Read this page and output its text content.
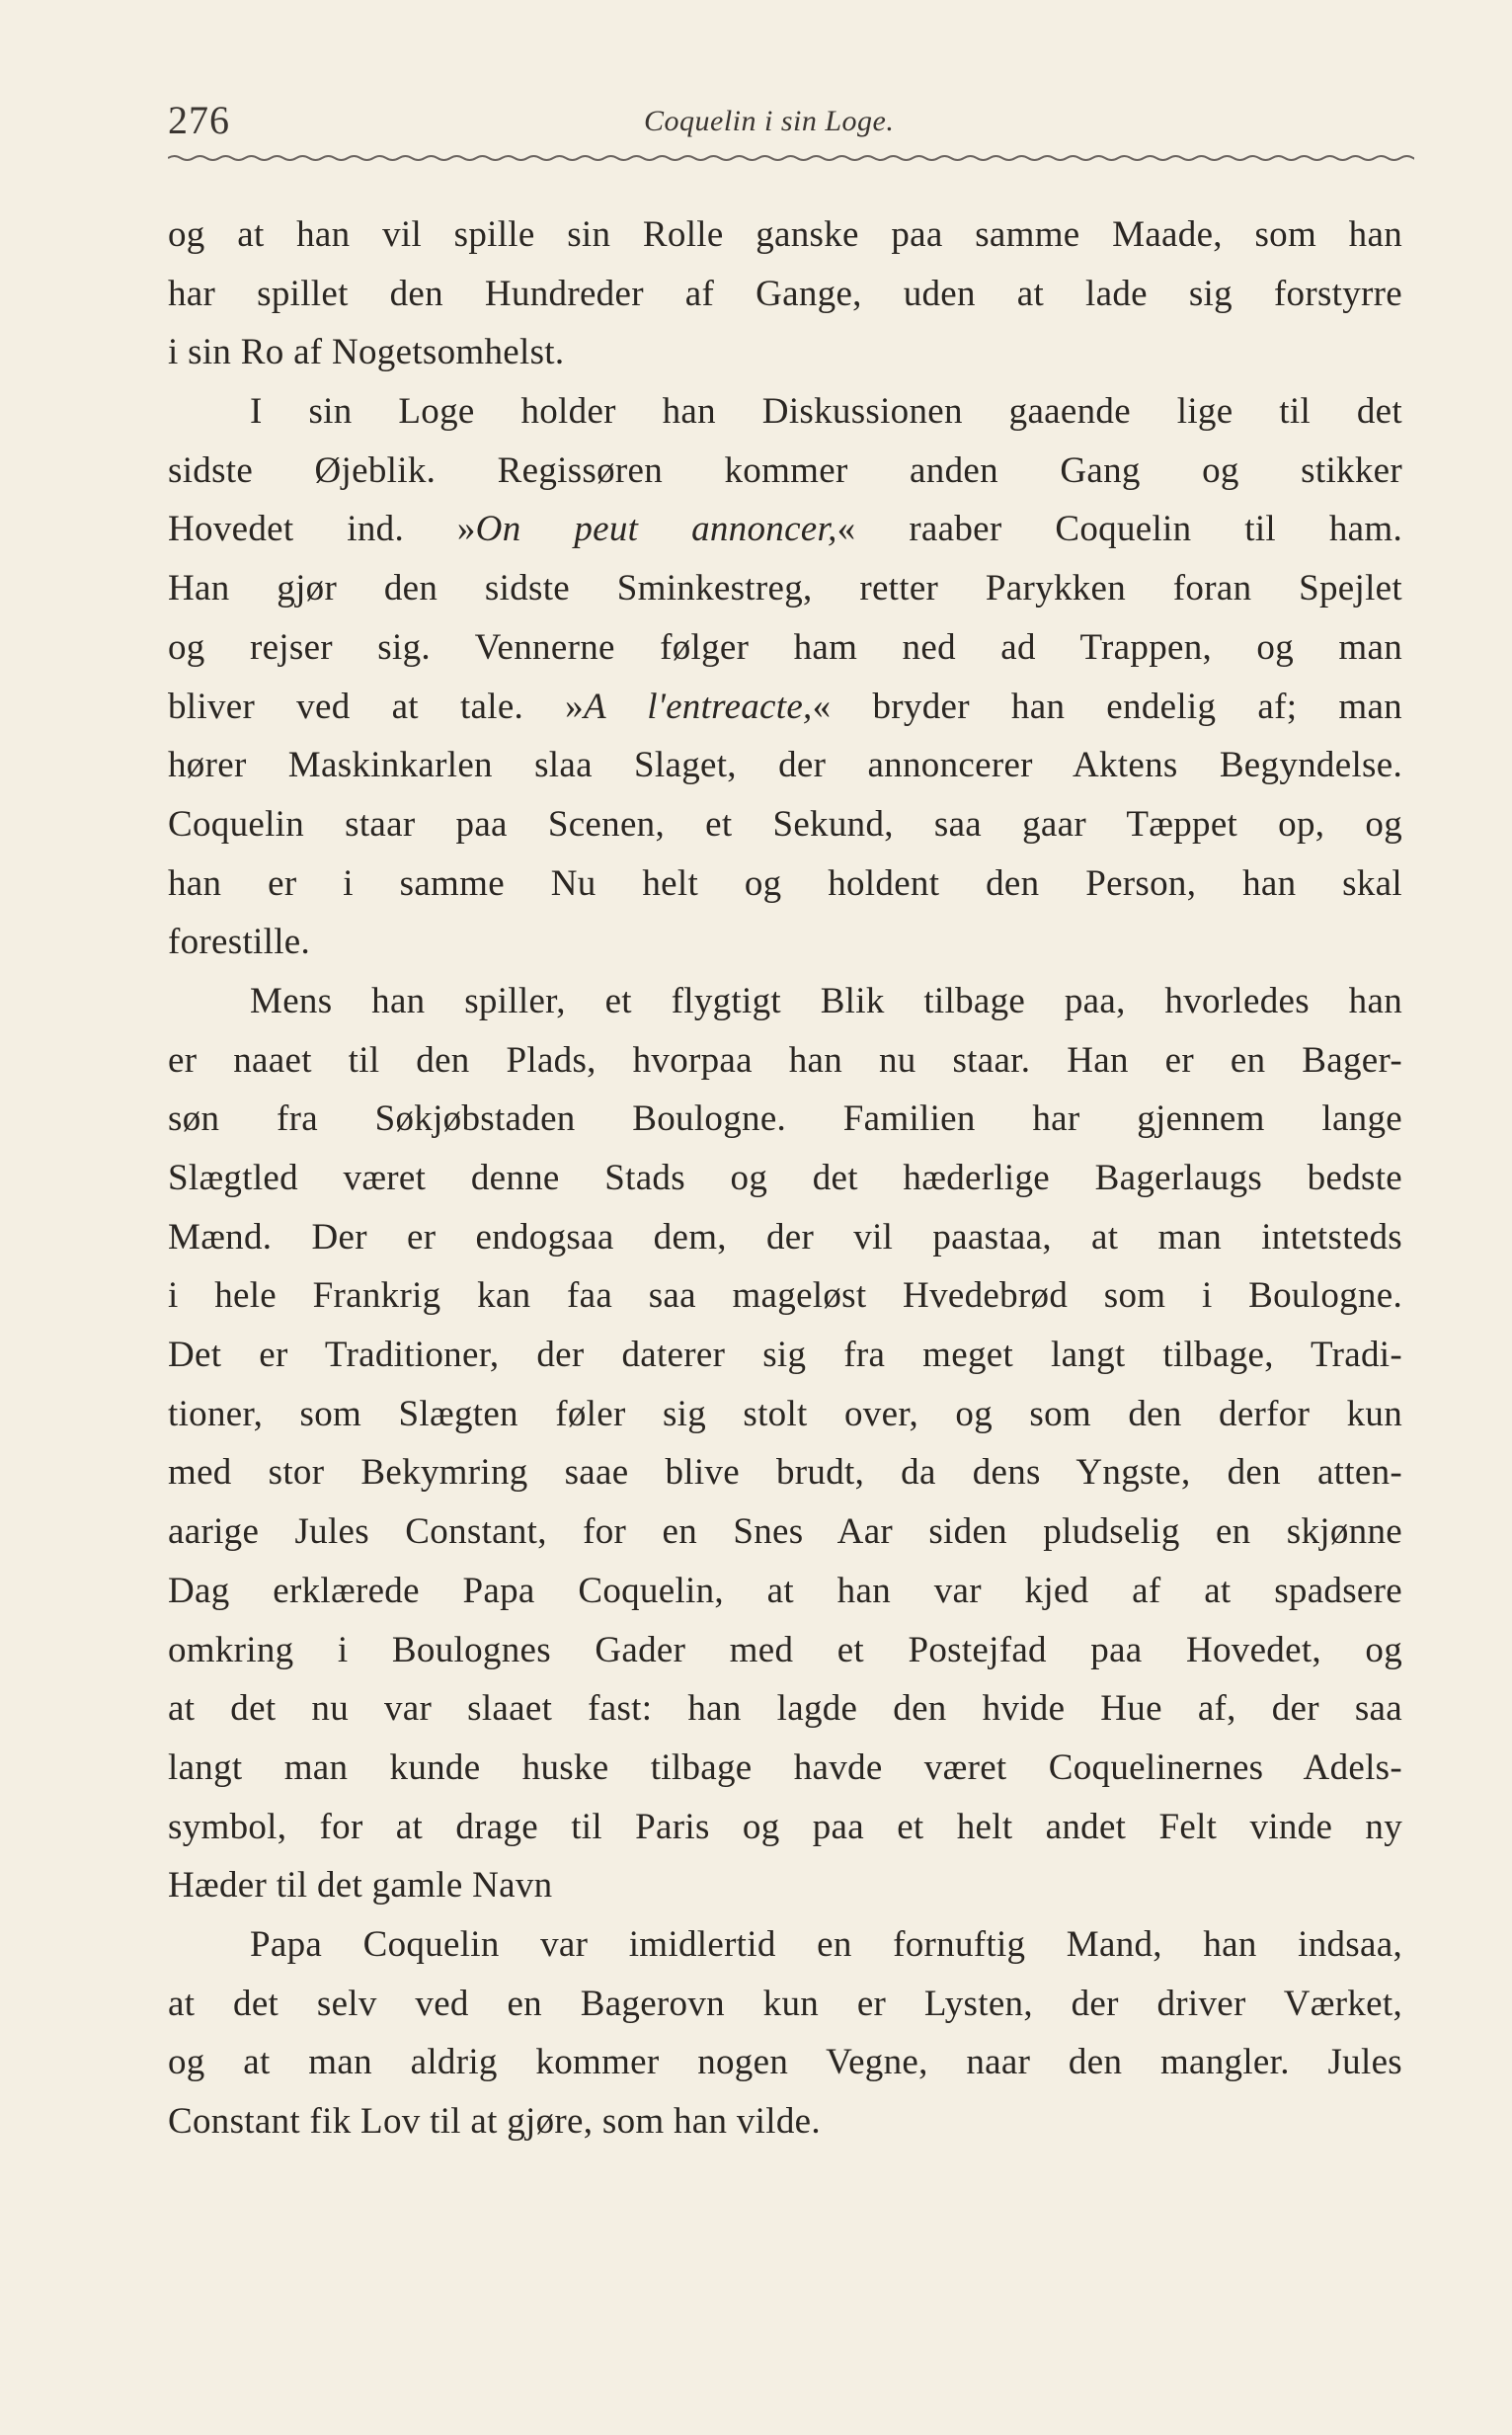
276	Coquelin i sin Loge.
og at han vil spille sin Rolle ganske paa samme Maade, som han
har spillet den Hundreder af Gange, uden at lade sig forstyrre
i sin Ro af Nogetsomhelst.
I sin Loge holder han Diskussionen gaaende lige til det
sidste Øjeblik. Regissøren kommer anden Gang og stikker
Hovedet ind. »On peut annoncer,« raaber Coquelin til ham.
Han gjør den sidste Sminkestreg, retter Parykken foran Spejlet
og rejser sig. Vennerne følger ham ned ad Trappen, og man
bliver ved at tale. »A l'entreacte,« bryder han endelig af; man
hører Maskinkarlen slaa Slaget, der annoncerer Aktens Begyndelse.
Coquelin staar paa Scenen, et Sekund, saa gaar Tæppet op, og
han er i samme Nu helt og holdent den Person, han skal
forestille.
Mens han spiller, et flygtigt Blik tilbage paa, hvorledes han
er naaet til den Plads, hvorpaa han nu staar. Han er en Bager-
søn fra Søkjøbstaden Boulogne. Familien har gjennem lange
Slægtled været denne Stads og det hæderlige Bagerlaugs bedste
Mænd. Der er endogsaa dem, der vil paastaa, at man intetsteds
i hele Frankrig kan faa saa mageløst Hvedebrød som i Boulogne.
Det er Traditioner, der daterer sig fra meget langt tilbage, Tradi-
tioner, som Slægten føler sig stolt over, og som den derfor kun
med stor Bekymring saae blive brudt, da dens Yngste, den atten-
aarige Jules Constant, for en Snes Aar siden pludselig en skjønne
Dag erklærede Papa Coquelin, at han var kjed af at spadsere
omkring i Boulognes Gader med et Postejfad paa Hovedet, og
at det nu var slaaet fast: han lagde den hvide Hue af, der saa
langt man kunde huske tilbage havde været Coquelinernes Adels-
symbol, for at drage til Paris og paa et helt andet Felt vinde ny
Hæder til det gamle Navn
Papa Coquelin var imidlertid en fornuftig Mand, han indsaa,
at det selv ved en Bagerovn kun er Lysten, der driver Værket,
og at man aldrig kommer nogen Vegne, naar den mangler. Jules
Constant fik Lov til at gjøre, som han vilde.
